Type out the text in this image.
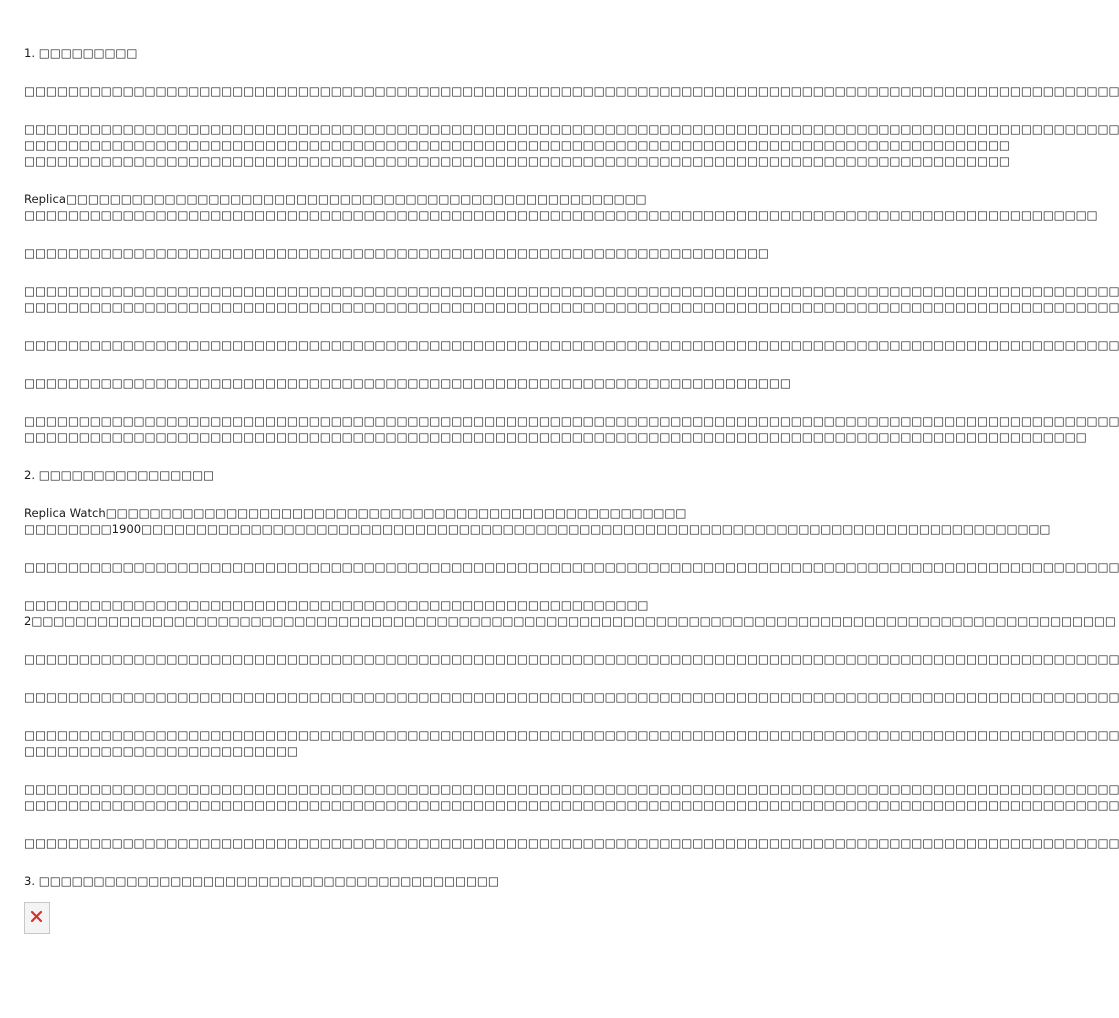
1. □□□□□□□□□
□□□□□□□□□□□□□□□□□□□□□□□□□□□□□□□□□□□□□□□□□□□□□□□□□□□□□□□□□□□□□□□□□□□□□□□□□□□□□□□□□□□□□□□□□□□□□□□□□□□□
□□□□□□□□□□□□□□□□□□□□□□□□□□□□□□□□□□□□□□□□□□□□□□□□□□□□□□□□□□□□□□□□□□□□□□□□□□□□□□□□□□□□□□□□□□□□□□□□□□□□
□□□□□□□□□□□□□□□□□□□□□□□□□□□□□□□□□□□□□□□□□□□□□□□□□□□□□□□□□□□□□□□□□□□□□□□□□□□□□□□□□□□□□□□□□□
□□□□□□□□□□□□□□□□□□□□□□□□□□□□□□□□□□□□□□□□□□□□□□□□□□□□□□□□□□□□□□□□□□□□□□□□□□□□□□□□□□□□□□□□□□
Replica□□□□□□□□□□□□□□□□□□□□□□□□□□□□□□□□□□□□□□□□□□□□□□□□□□□□□
□□□□□□□□□□□□□□□□□□□□□□□□□□□□□□□□□□□□□□□□□□□□□□□□□□□□□□□□□□□□□□□□□□□□□□□□□□□□□□□□□□□□□□□□□□□□□□□□□□
□□□□□□□□□□□□□□□□□□□□□□□□□□□□□□□□□□□□□□□□□□□□□□□□□□□□□□□□□□□□□□□□□□□□
□□□□□□□□□□□□□□□□□□□□□□□□□□□□□□□□□□□□□□□□□□□□□□□□□□□□□□□□□□□□□□□□□□□□□□□□□□□□□□□□□□□□□□□□□□□□□□□□□□□□
□□□□□□□□□□□□□□□□□□□□□□□□□□□□□□□□□□□□□□□□□□□□□□□□□□□□□□□□□□□□□□□□□□□□□□□□□□□□□□□□□□□□□□□□□□□□□□□□□□□□
□□□□□□□□□□□□□□□□□□□□□□□□□□□□□□□□□□□□□□□□□□□□□□□□□□□□□□□□□□□□□□□□□□□□□□□□□□□□□□□□□□□□□□□□□□□□□□□□□□□□
□□□□□□□□□□□□□□□□□□□□□□□□□□□□□□□□□□□□□□□□□□□□□□□□□□□□□□□□□□□□□□□□□□□□□□
□□□□□□□□□□□□□□□□□□□□□□□□□□□□□□□□□□□□□□□□□□□□□□□□□□□□□□□□□□□□□□□□□□□□□□□□□□□□□□□□□□□□□□□□□□□□□□□□□□□□
□□□□□□□□□□□□□□□□□□□□□□□□□□□□□□□□□□□□□□□□□□□□□□□□□□□□□□□□□□□□□□□□□□□□□□□□□□□□□□□□□□□□□□□□□□□□□□□□□
2. □□□□□□□□□□□□□□□□
Replica Watch□□□□□□□□□□□□□□□□□□□□□□□□□□□□□□□□□□□□□□□□□□□□□□□□□□□□□
□□□□□□□□1900□□□□□□□□□□□□□□□□□□□□□□□□□□□□□□□□□□□□□□□□□□□□□□□□□□□□□□□□□□□□□□□□□□□□□□□□□□□□□□□□□□□
□□□□□□□□□□□□□□□□□□□□□□□□□□□□□□□□□□□□□□□□□□□□□□□□□□□□□□□□□□□□□□□□□□□□□□□□□□□□□□□□□□□□□□□□□□□□□□□□□□□□
□□□□□□□□□□□□□□□□□□□□□□□□□□□□□□□□□□□□□□□□□□□□□□□□□□□□□□□□□
2□□□□□□□□□□□□□□□□□□□□□□□□□□□□□□□□□□□□□□□□□□□□□□□□□□□□□□□□□□□□□□□□□□□□□□□□□□□□□□□□□□□□□□□□□□□□□□□□□□□
□□□□□□□□□□□□□□□□□□□□□□□□□□□□□□□□□□□□□□□□□□□□□□□□□□□□□□□□□□□□□□□□□□□□□□□□□□□□□□□□□□□□□□□□□□□□□□□□□□□□
□□□□□□□□□□□□□□□□□□□□□□□□□□□□□□□□□□□□□□□□□□□□□□□□□□□□□□□□□□□□□□□□□□□□□□□□□□□□□□□□□□□□□□□□□□□□□□□□□□□□
□□□□□□□□□□□□□□□□□□□□□□□□□□□□□□□□□□□□□□□□□□□□□□□□□□□□□□□□□□□□□□□□□□□□□□□□□□□□□□□□□□□□□□□□□□□□□□□□□□□□
□□□□□□□□□□□□□□□□□□□□□□□□□
□□□□□□□□□□□□□□□□□□□□□□□□□□□□□□□□□□□□□□□□□□□□□□□□□□□□□□□□□□□□□□□□□□□□□□□□□□□□□□□□□□□□□□□□□□□□□□□□□□□□
□□□□□□□□□□□□□□□□□□□□□□□□□□□□□□□□□□□□□□□□□□□□□□□□□□□□□□□□□□□□□□□□□□□□□□□□□□□□□□□□□□□□□□□□□□□□□□□□□□□□
□□□□□□□□□□□□□□□□□□□□□□□□□□□□□□□□□□□□□□□□□□□□□□□□□□□□□□□□□□□□□□□□□□□□□□□□□□□□□□□□□□□□□□□□□□□□□□□□□□□□
3. □□□□□□□□□□□□□□□□□□□□□□□□□□□□□□□□□□□□□□□□□□
